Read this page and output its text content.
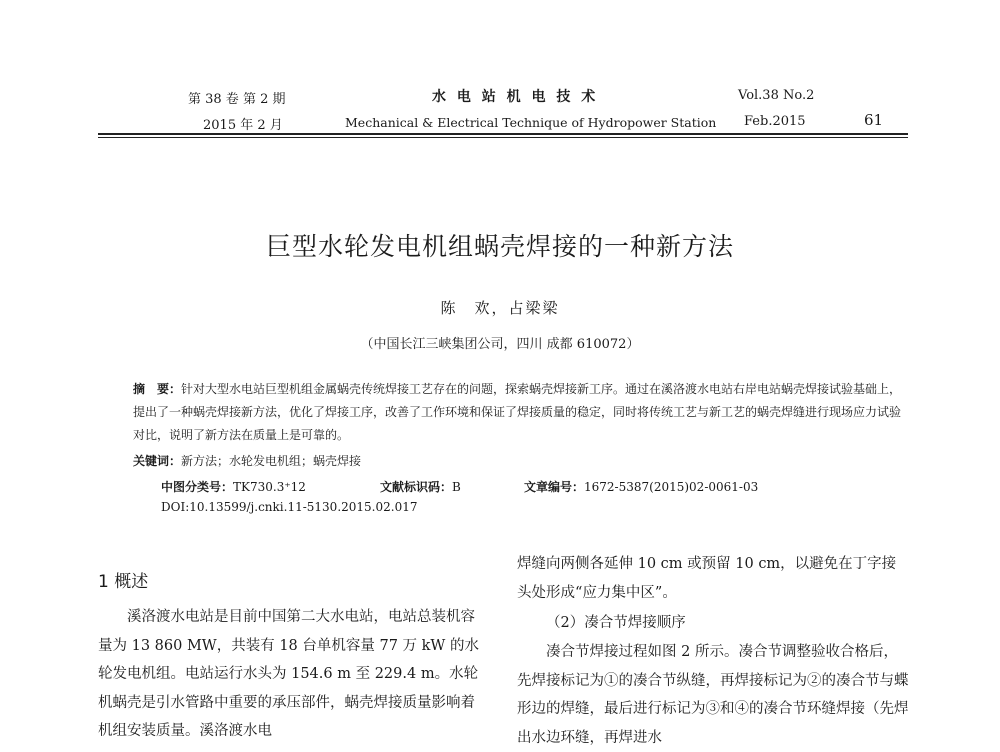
第 38 卷 第 2 期	水 电 站 机 电 技 术	Vol.38 No.2
2015 年 2 月	Mechanical & Electrical Technique of Hydropower Station Feb.2015	61
巨型水轮发电机组蜗壳焊接的一种新方法
陈　欢，占梁梁
（中国长江三峡集团公司，四川 成都 610072）
摘　要：针对大型水电站巨型机组金属蜗壳传统焊接工艺存在的问题，探索蜗壳焊接新工序。通过在溪洛渡水电站右岸电站蜗壳焊接试验基础上，提出了一种蜗壳焊接新方法，优化了焊接工序，改善了工作环境和保证了焊接质量的稳定，同时将传统工艺与新工艺的蜗壳焊缝进行现场应力试验对比，说明了新方法在质量上是可靠的。
关键词：新方法；水轮发电机组；蜗壳焊接
中图分类号：TK730.3⁺12	文献标识码：B	文章编号：1672-5387(2015)02-0061-03
DOI:10.13599/j.cnki.11-5130.2015.02.017
1 概述
溪洛渡水电站是目前中国第二大水电站，电站总装机容量为 13 860 MW，共装有 18 台单机容量 77 万 kW 的水轮发电机组。电站运行水头为 154.6 m 至 229.4 m。水轮机蜗壳是引水管路中重要的承压部件，蜗壳焊接质量影响着机组安装质量。溪洛渡水电
焊缝向两侧各延伸 10 cm 或预留 10 cm，以避免在丁字接头处形成“应力集中区”。
（2）凑合节焊接顺序
凑合节焊接过程如图 2 所示。凑合节调整验收合格后，先焊接标记为①的凑合节纵缝，再焊接标记为②的凑合节与蝶形边的焊缝，最后进行标记为③和④的凑合节环缝焊接（先焊出水边环缝，再焊进水
